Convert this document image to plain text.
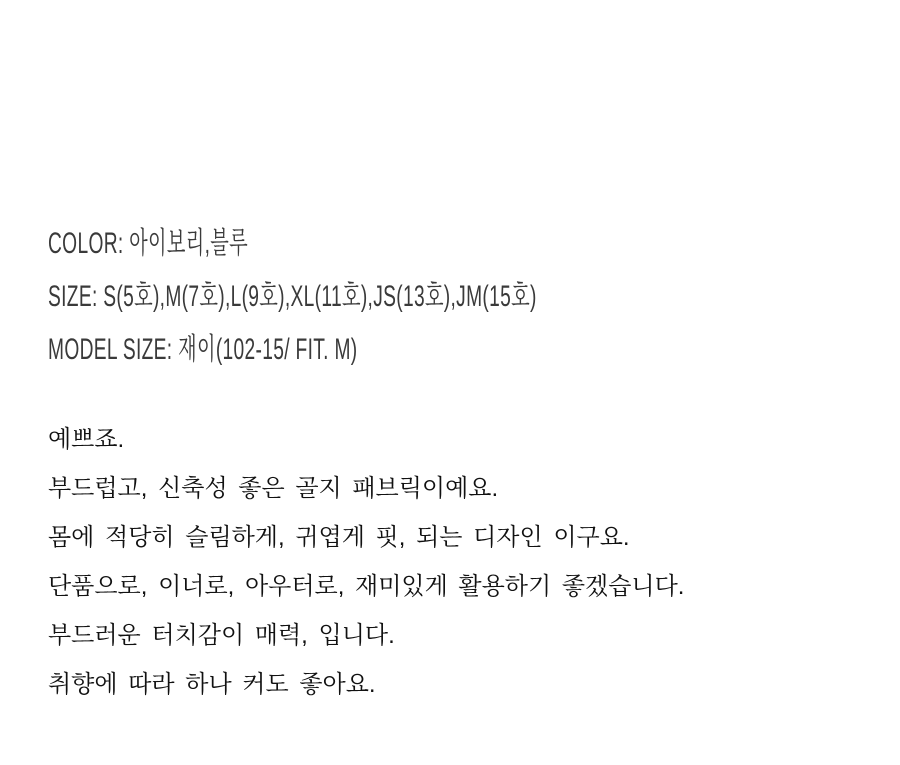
COLOR: 아이보리,블루

SIZE: S(5호),M(7호),L(9호),XL(11호),JS(13호),JM(15호)

MODEL SIZE: 재이(102-15/ FIT. M)

예쁘죠.

부드럽고, 신축성 좋은 골지 패브릭이예요.

몸에 적당히 슬림하게, 귀엽게 핏, 되는 디자인 이구요.

단품으로, 이너로, 아우터로, 재미있게 활용하기 좋겠습니다.

부드러운 터치감이 매력, 입니다.

취향에 따라 하나 커도 좋아요.
